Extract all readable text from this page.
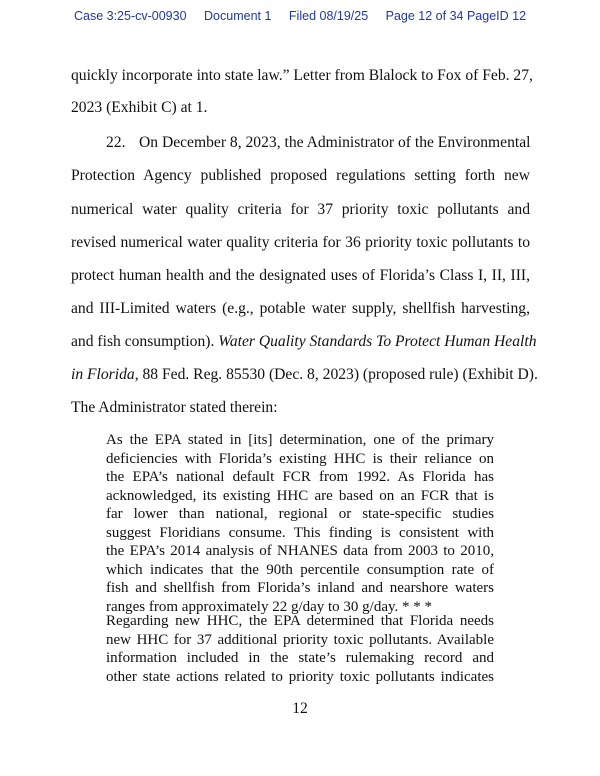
Case 3:25-cv-00930 Document 1 Filed 08/19/25 Page 12 of 34 PageID 12
quickly incorporate into state law.” Letter from Blalock to Fox of Feb. 27,
2023 (Exhibit C) at 1.
22. On December 8, 2023, the Administrator of the Environmental
Protection Agency published proposed regulations setting forth new
numerical water quality criteria for 37 priority toxic pollutants and
revised numerical water quality criteria for 36 priority toxic pollutants to
protect human health and the designated uses of Florida’s Class I, II, III,
and III-Limited waters (e.g., potable water supply, shellfish harvesting,
and fish consumption). Water Quality Standards To Protect Human Health
in Florida, 88 Fed. Reg. 85530 (Dec. 8, 2023) (proposed rule) (Exhibit D).
The Administrator stated therein:
As the EPA stated in [its] determination, one of the primary
deficiencies with Florida’s existing HHC is their reliance on
the EPA’s national default FCR from 1992. As Florida has
acknowledged, its existing HHC are based on an FCR that is
far lower than national, regional or state-specific studies
suggest Floridians consume. This finding is consistent with
the EPA’s 2014 analysis of NHANES data from 2003 to 2010,
which indicates that the 90th percentile consumption rate of
fish and shellfish from Florida’s inland and nearshore waters
ranges from approximately 22 g/day to 30 g/day. * * *
Regarding new HHC, the EPA determined that Florida needs
new HHC for 37 additional priority toxic pollutants. Available
information included in the state’s rulemaking record and
other state actions related to priority toxic pollutants indicates
12
